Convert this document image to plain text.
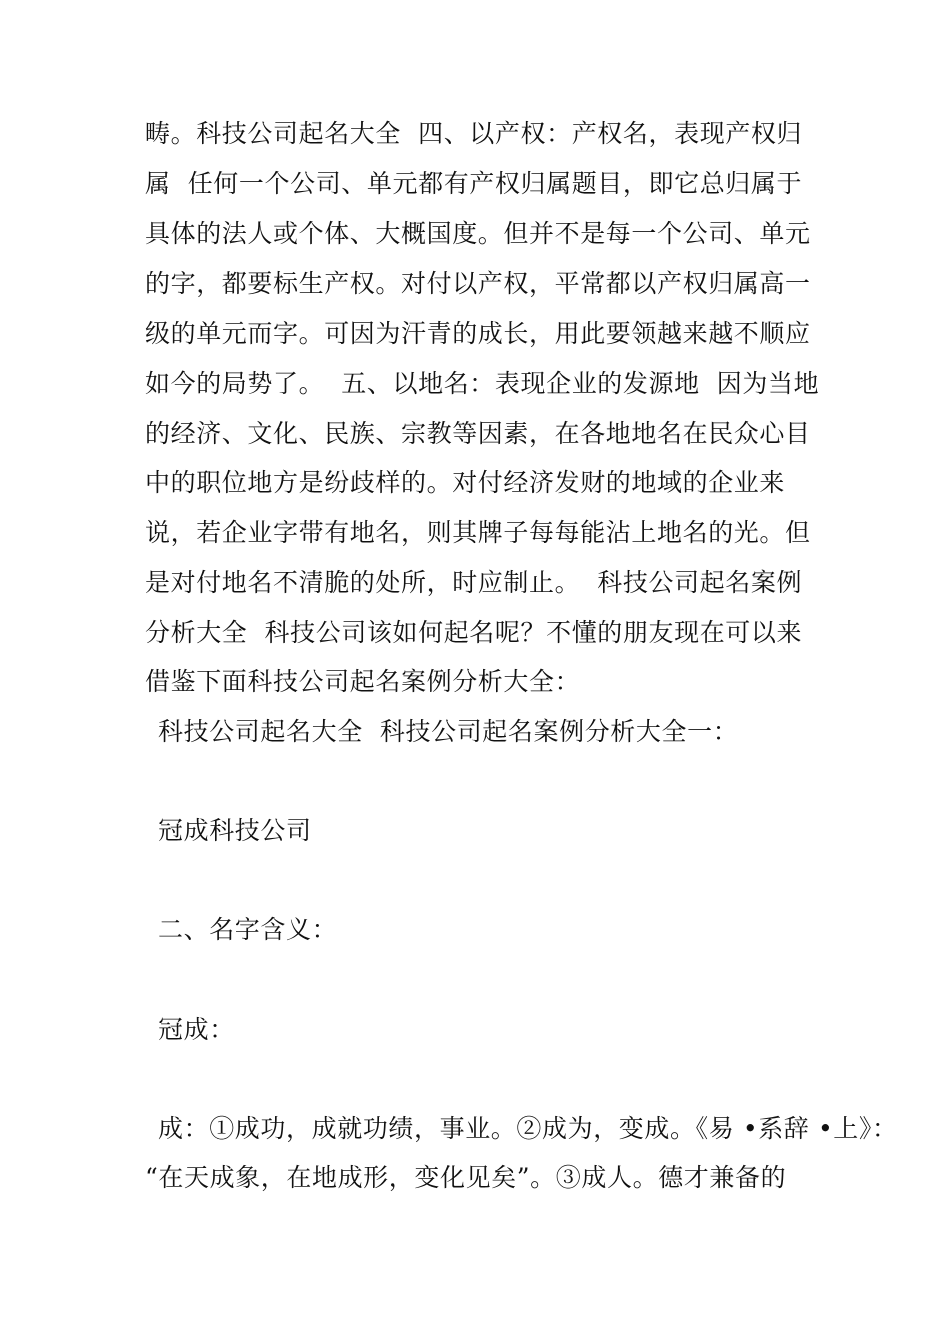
畴。科技公司起名大全  四、以产权：产权名，表现产权归
属  任何一个公司、单元都有产权归属题目，即它总归属于
具体的法人或个体、大概国度。但并不是每一个公司、单元
的字，都要标生产权。对付以产权，平常都以产权归属高一
级的单元而字。可因为汗青的成长，用此要领越来越不顺应
如今的局势了。  五、以地名：表现企业的发源地  因为当地
的经济、文化、民族、宗教等因素，在各地地名在民众心目
中的职位地方是纷歧样的。对付经济发财的地域的企业来
说，若企业字带有地名，则其牌子每每能沾上地名的光。但
是对付地名不清脆的处所，时应制止。  科技公司起名案例
分析大全  科技公司该如何起名呢？不懂的朋友现在可以来
借鉴下面科技公司起名案例分析大全：
科技公司起名大全  科技公司起名案例分析大全一：
冠成科技公司
二、名字含义：
冠成：
成：①成功，成就功绩，事业。②成为，变成。《易 •系辞 •上》：
“在天成象，在地成形，变化见矣”。③成人。德才兼备的
